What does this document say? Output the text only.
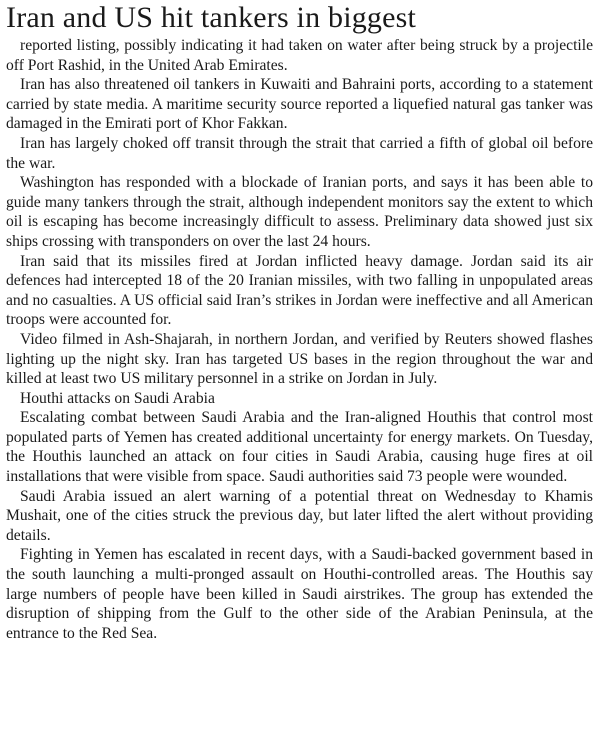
Iran and US hit tankers in biggest

reported listing, possibly indicating it had taken on water after being struck by a projectile off Port Rashid, in the United Arab Emirates.

Iran has also threatened oil tankers in Kuwaiti and Bahraini ports, according to a statement carried by state media. A maritime security source reported a liquefied natural gas tanker was damaged in the Emirati port of Khor Fakkan.

Iran has largely choked off transit through the strait that carried a fifth of global oil before the war.

Washington has responded with a blockade of Iranian ports, and says it has been able to guide many tankers through the strait, although independent monitors say the extent to which oil is escaping has become increasingly difficult to assess. Preliminary data showed just six ships crossing with transponders on over the last 24 hours.

Iran said that its missiles fired at Jordan inflicted heavy damage. Jordan said its air defences had intercepted 18 of the 20 Iranian missiles, with two falling in unpopulated areas and no casualties. A US official said Iran’s strikes in Jordan were ineffective and all American troops were accounted for.

Video filmed in Ash-Shajarah, in northern Jordan, and verified by Reuters showed flashes lighting up the night sky. Iran has targeted US bases in the region throughout the war and killed at least two US military personnel in a strike on Jordan in July.

Houthi attacks on Saudi Arabia

Escalating combat between Saudi Arabia and the Iran-aligned Houthis that control most populated parts of Yemen has created additional uncertainty for energy markets. On Tuesday, the Houthis launched an attack on four cities in Saudi Arabia, causing huge fires at oil installations that were visible from space. Saudi authorities said 73 people were wounded.

Saudi Arabia issued an alert warning of a potential threat on Wednesday to Khamis Mushait, one of the cities struck the previous day, but later lifted the alert without providing details.

Fighting in Yemen has escalated in recent days, with a Saudi-backed government based in the south launching a multi-pronged assault on Houthi-controlled areas. The Houthis say large numbers of people have been killed in Saudi airstrikes. The group has extended the disruption of shipping from the Gulf to the other side of the Arabian Peninsula, at the entrance to the Red Sea.
